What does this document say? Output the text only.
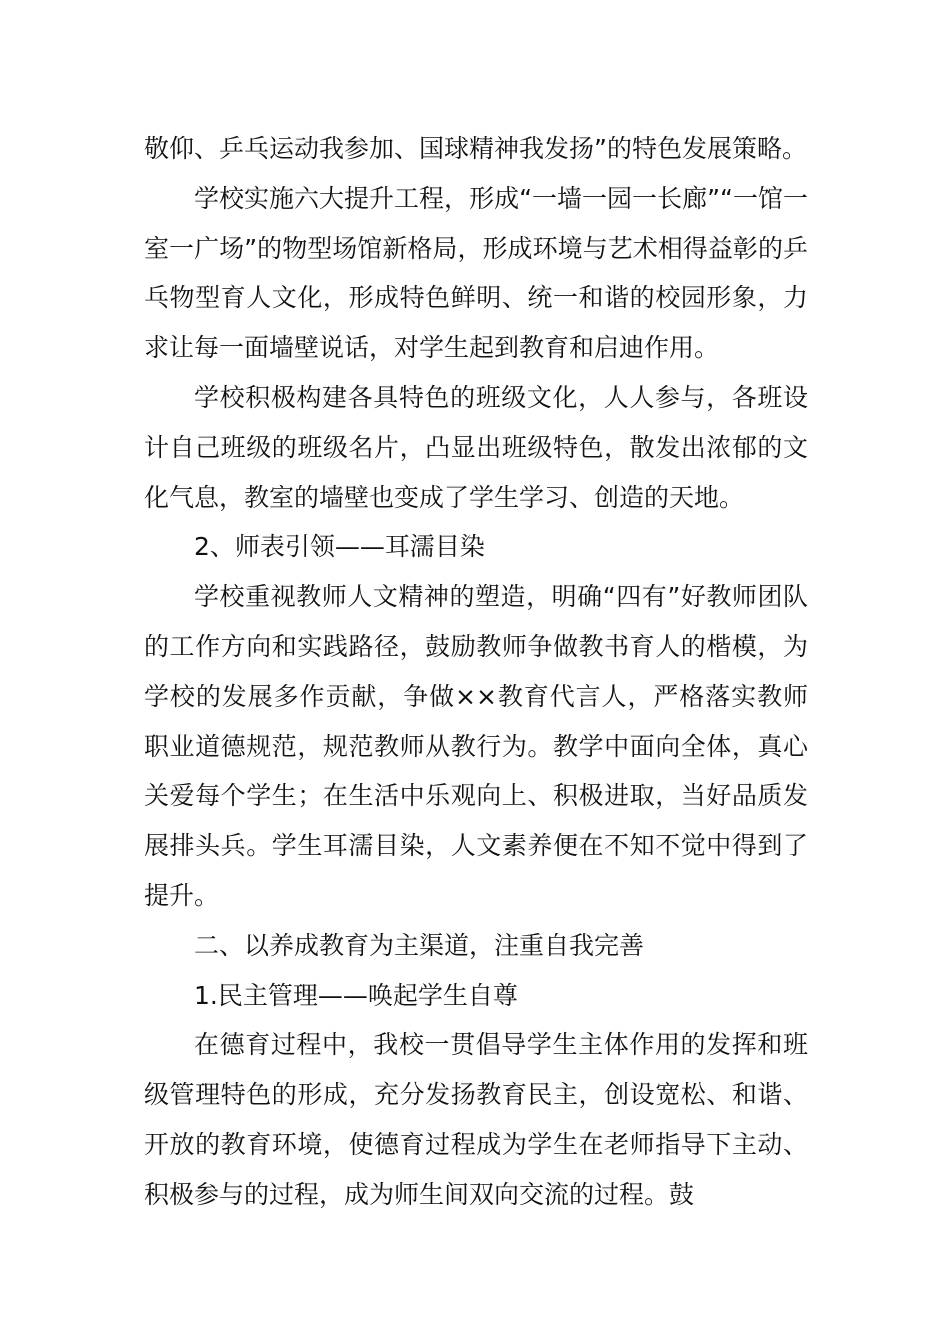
敬仰、乒乓运动我参加、国球精神我发扬”的特色发展策略。

学校实施六大提升工程，形成“一墙一园一长廊”“一馆一室一广场”的物型场馆新格局，形成环境与艺术相得益彰的乒乓物型育人文化，形成特色鲜明、统一和谐的校园形象，力求让每一面墙壁说话，对学生起到教育和启迪作用。

学校积极构建各具特色的班级文化，人人参与，各班设计自己班级的班级名片，凸显出班级特色，散发出浓郁的文化气息，教室的墙壁也变成了学生学习、创造的天地。

2、师表引领——耳濡目染

学校重视教师人文精神的塑造，明确“四有”好教师团队的工作方向和实践路径，鼓励教师争做教书育人的楷模，为学校的发展多作贡献，争做××教育代言人，严格落实教师职业道德规范，规范教师从教行为。教学中面向全体，真心关爱每个学生；在生活中乐观向上、积极进取，当好品质发展排头兵。学生耳濡目染，人文素养便在不知不觉中得到了提升。

二、以养成教育为主渠道，注重自我完善

1.民主管理——唤起学生自尊

在德育过程中，我校一贯倡导学生主体作用的发挥和班级管理特色的形成，充分发扬教育民主，创设宽松、和谐、开放的教育环境，使德育过程成为学生在老师指导下主动、积极参与的过程，成为师生间双向交流的过程。鼓
